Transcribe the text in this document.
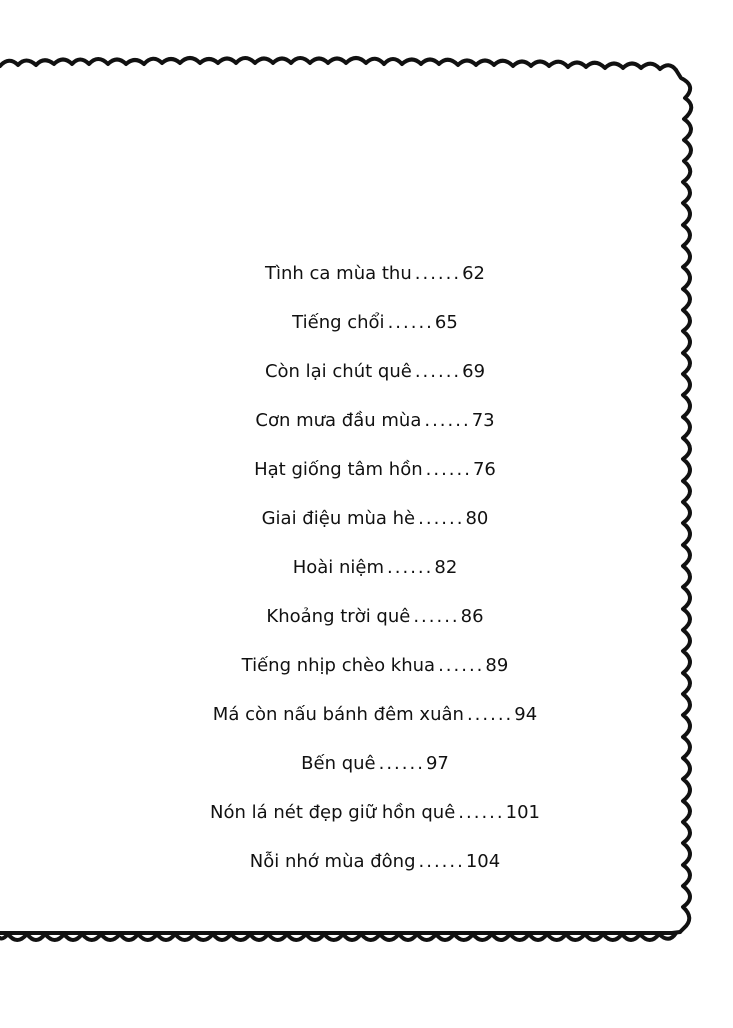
Tình ca mùa thu ......62
Tiếng chổi ......65
Còn lại chút quê ......69
Cơn mưa đầu mùa ......73
Hạt giống tâm hồn ......76
Giai điệu mùa hè ......80
Hoài niệm ......82
Khoảng trời quê ......86
Tiếng nhịp chèo khua ......89
Má còn nấu bánh đêm xuân ......94
Bến quê ......97
Nón lá nét đẹp giữ hồn quê ......101
Nỗi nhớ mùa đông ......104
